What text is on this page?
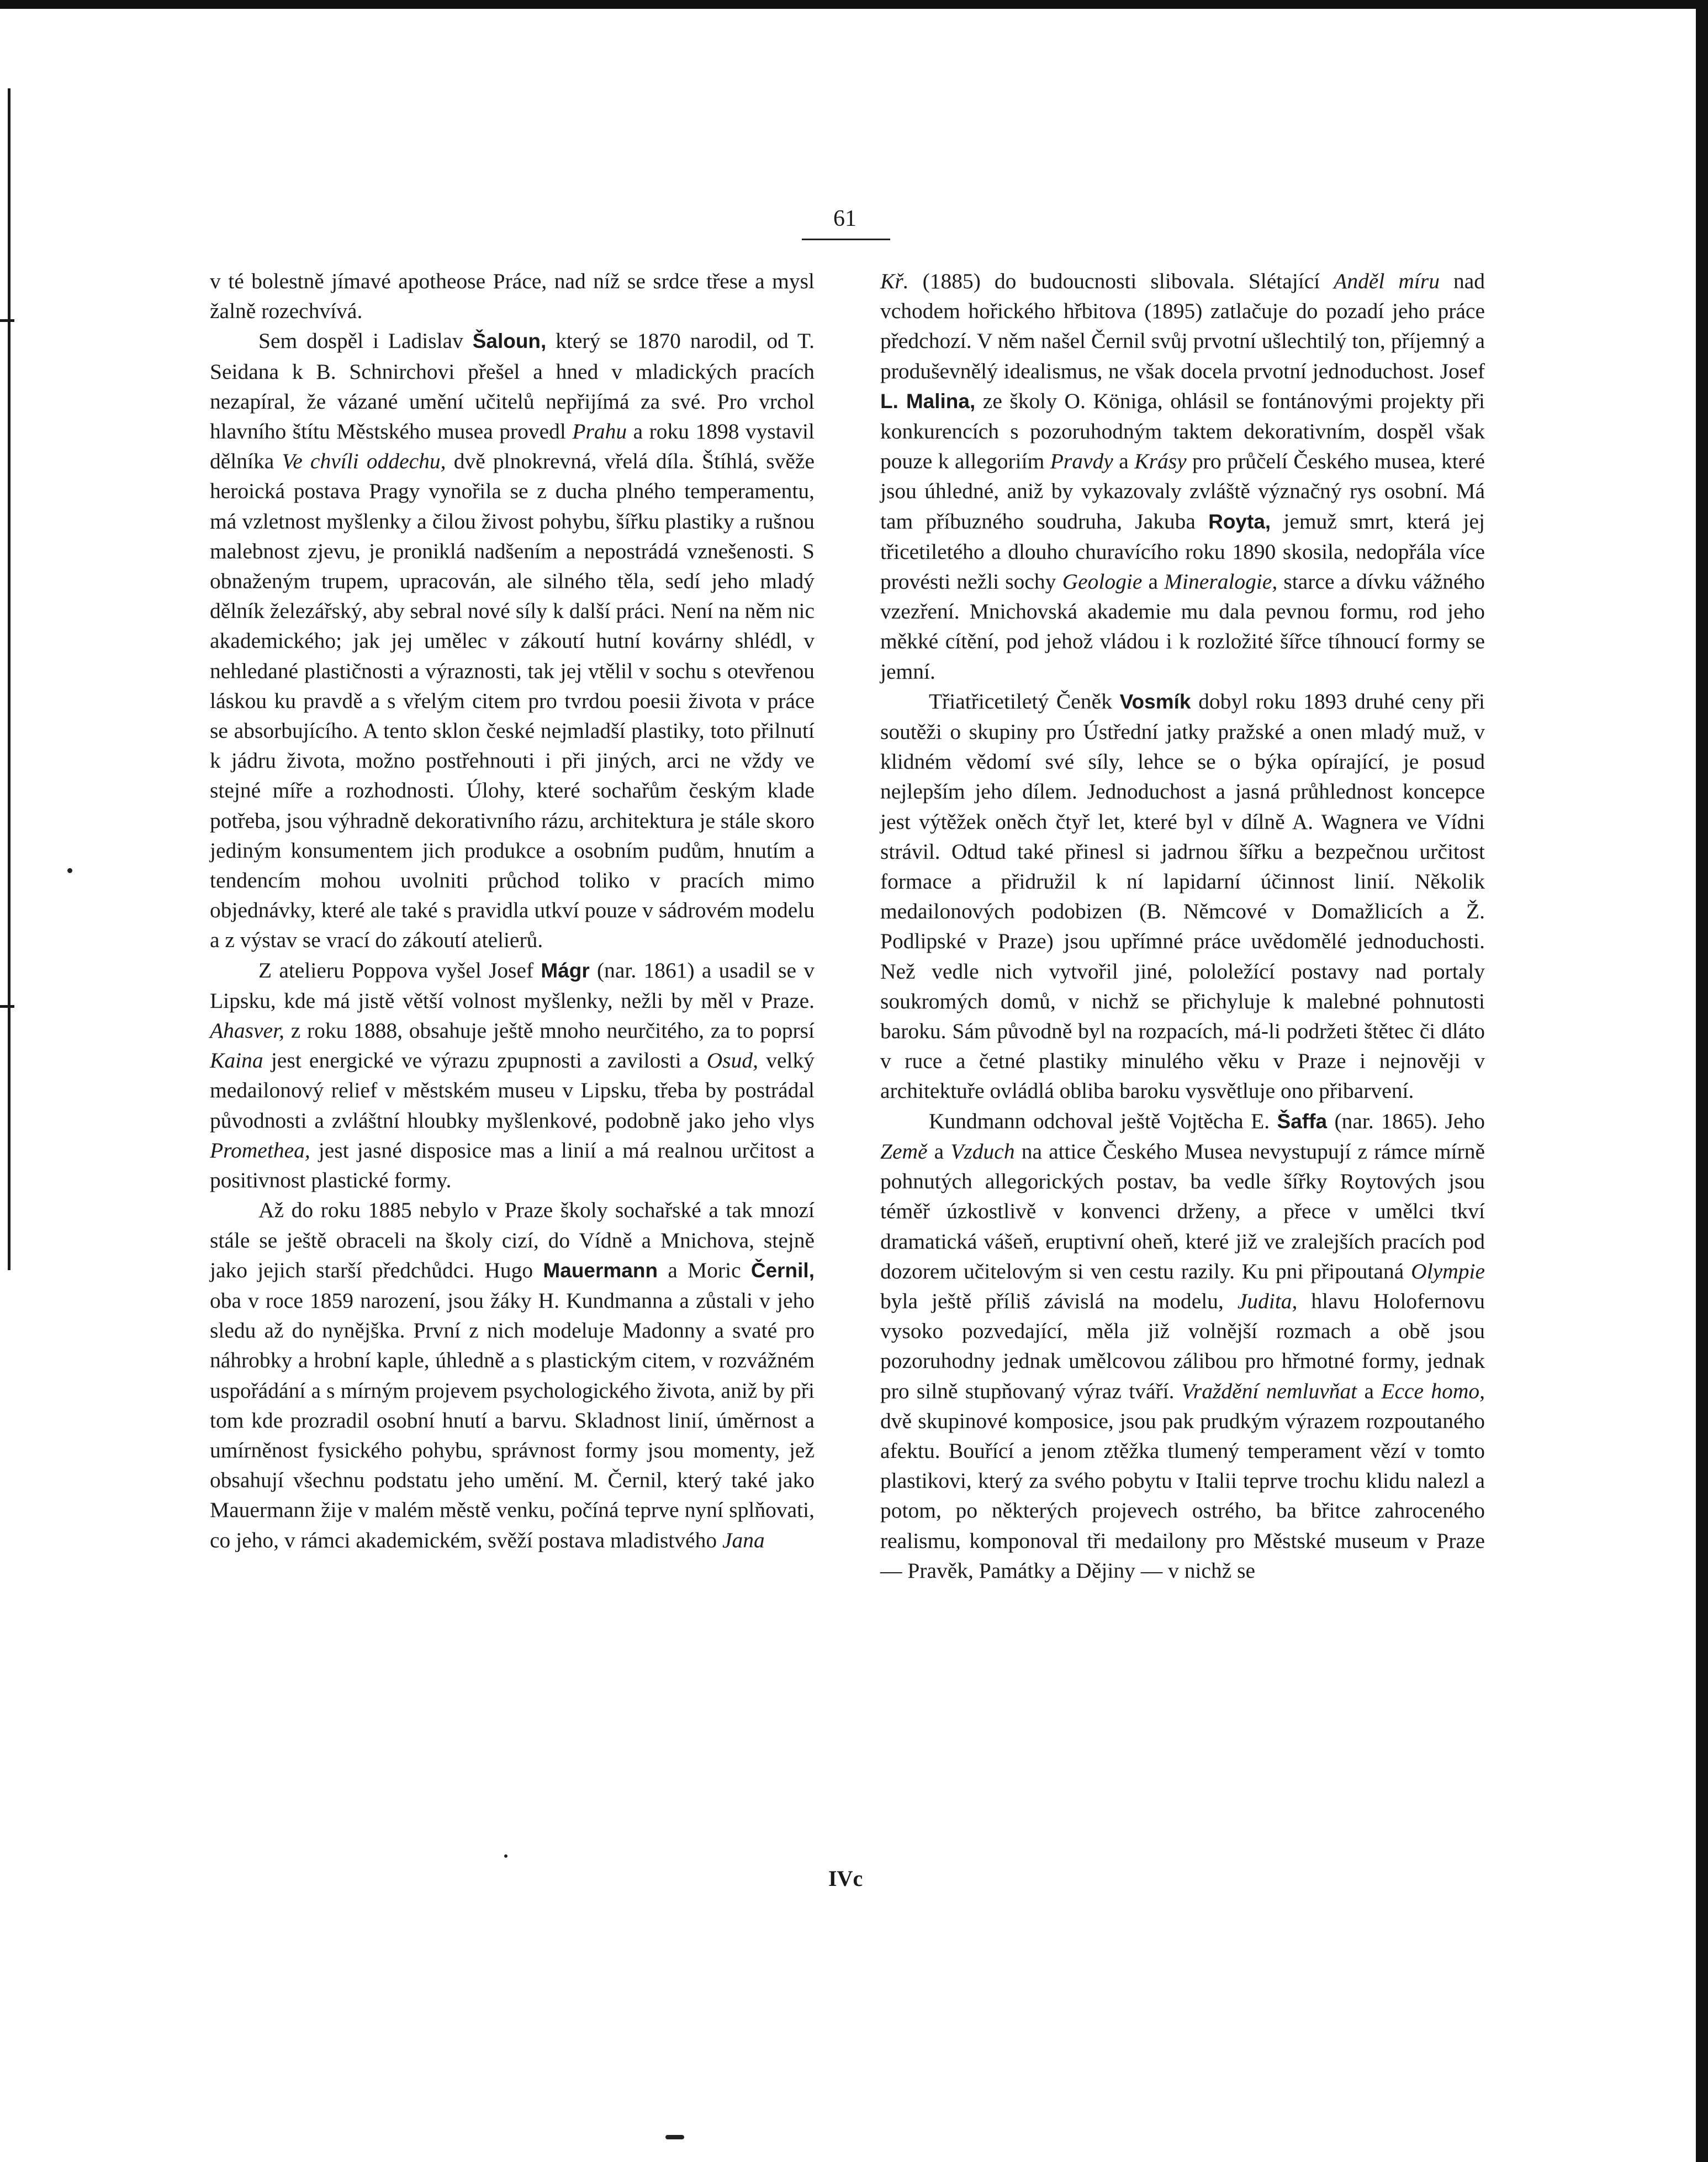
61

v té bolestně jímavé apotheose Práce, nad níž se srdce třese a mysl žalně rozechvívá.

Sem dospěl i Ladislav Šaloun, který se 1870 narodil, od T. Seidana k B. Schnirchovi přešel a hned v mladických pracích nezapíral, že vázané umění učitelů nepřijímá za své. Pro vrchol hlavního štítu Městského musea provedl Prahu a roku 1898 vystavil dělníka Ve chvíli oddechu, dvě plnokrevná, vřelá díla. Štíhlá, svěže heroická postava Pragy vynořila se z ducha plného temperamentu, má vzletnost myšlenky a čilou živost pohybu, šířku plastiky a rušnou malebnost zjevu, je proniklá nadšením a nepostrádá vznešenosti. S obnaženým trupem, upracován, ale silného těla, sedí jeho mladý dělník železářský, aby sebral nové síly k další práci. Není na něm nic akademického; jak jej umělec v zákoutí hutní kovárny shlédl, v nehledané plastičnosti a výraznosti, tak jej vtělil v sochu s otevřenou láskou ku pravdě a s vřelým citem pro tvrdou poesii života v práce se absorbujícího. A tento sklon české nejmladší plastiky, toto přilnutí k jádru života, možno postřehnouti i při jiných, arci ne vždy ve stejné míře a rozhodnosti. Úlohy, které sochařům českým klade potřeba, jsou výhradně dekorativního rázu, architektura je stále skoro jediným konsumentem jich produkce a osobním pudům, hnutím a tendencím mohou uvolniti průchod toliko v pracích mimo objednávky, které ale také s pravidla utkví pouze v sádrovém modelu a z výstav se vrací do zákoutí atelierů.

Z atelieru Poppova vyšel Josef Mágr (nar. 1861) a usadil se v Lipsku, kde má jistě větší volnost myšlenky, nežli by měl v Praze. Ahasver, z roku 1888, obsahuje ještě mnoho neurčitého, za to poprsí Kaina jest energické ve výrazu zpupnosti a zavilosti a Osud, velký medailonový relief v městském museu v Lipsku, třeba by postrádal původnosti a zvláštní hloubky myšlenkové, podobně jako jeho vlys Promethea, jest jasné disposice mas a linií a má realnou určitost a positivnost plastické formy.

Až do roku 1885 nebylo v Praze školy sochařské a tak mnozí stále se ještě obraceli na školy cizí, do Vídně a Mnichova, stejně jako jejich starší předchůdci. Hugo Mauermann a Moric Černil, oba v roce 1859 narození, jsou žáky H. Kundmanna a zůstali v jeho sledu až do nynějška. První z nich modeluje Madonny a svaté pro náhrobky a hrobní kaple, úhledně a s plastickým citem, v rozvážném uspořádání a s mírným projevem psychologického života, aniž by při tom kde prozradil osobní hnutí a barvu. Skladnost linií, úměrnost a umírněnost fysického pohybu, správnost formy jsou momenty, jež obsahují všechnu podstatu jeho umění. M. Černil, který také jako Mauermann žije v malém městě venku, počíná teprve nyní splňovati, co jeho, v rámci akademickém, svěží postava mladistvého Jana

Kř. (1885) do budoucnosti slibovala. Slétající Anděl míru nad vchodem hořického hřbitova (1895) zatlačuje do pozadí jeho práce předchozí. V něm našel Černil svůj prvotní ušlechtilý ton, příjemný a produševnělý idealismus, ne však docela prvotní jednoduchost. Josef L. Malina, ze školy O. Königa, ohlásil se fontánovými projekty při konkurencích s pozoruhodným taktem dekorativním, dospěl však pouze k allegoriím Pravdy a Krásy pro průčelí Českého musea, které jsou úhledné, aniž by vykazovaly zvláště význačný rys osobní. Má tam příbuzného soudruha, Jakuba Royta, jemuž smrt, která jej třicetiletého a dlouho churavícího roku 1890 skosila, nedopřála více provésti nežli sochy Geologie a Mineralogie, starce a dívku vážného vzezření. Mnichovská akademie mu dala pevnou formu, rod jeho měkké cítění, pod jehož vládou i k rozložité šířce tíhnoucí formy se jemní.

Třiatřicetiletý Čeněk Vosmík dobyl roku 1893 druhé ceny při soutěži o skupiny pro Ústřední jatky pražské a onen mladý muž, v klidném vědomí své síly, lehce se o býka opírající, je posud nejlepším jeho dílem. Jednoduchost a jasná průhlednost koncepce jest výtěžek oněch čtyř let, které byl v dílně A. Wagnera ve Vídni strávil. Odtud také přinesl si jadrnou šířku a bezpečnou určitost formace a přidružil k ní lapidarní účinnost linií. Několik medailonových podobizen (B. Němcové v Domažlicích a Ž. Podlipské v Praze) jsou upřímné práce uvědomělé jednoduchosti. Než vedle nich vytvořil jiné, pololežící postavy nad portaly soukromých domů, v nichž se přichyluje k malebné pohnutosti baroku. Sám původně byl na rozpacích, má-li podržeti štětec či dláto v ruce a četné plastiky minulého věku v Praze i nejnověji v architektuře ovládlá obliba baroku vysvětluje ono přibarvení.

Kundmann odchoval ještě Vojtěcha E. Šaffa (nar. 1865). Jeho Země a Vzduch na attice Českého Musea nevystupují z rámce mírně pohnutých allegorických postav, ba vedle šířky Roytových jsou téměř úzkostlivě v konvenci drženy, a přece v umělci tkví dramatická vášeň, eruptivní oheň, které již ve zralejších pracích pod dozorem učitelovým si ven cestu razily. Ku pni připoutaná Olympie byla ještě příliš závislá na modelu, Judita, hlavu Holofernovu vysoko pozvedající, měla již volnější rozmach a obě jsou pozoruhodny jednak umělcovou zálibou pro hřmotné formy, jednak pro silně stupňovaný výraz tváří. Vraždění nemluvňat a Ecce homo, dvě skupinové komposice, jsou pak prudkým výrazem rozpoutaného afektu. Bouřící a jenom ztěžka tlumený temperament vězí v tomto plastikovi, který za svého pobytu v Italii teprve trochu klidu nalezl a potom, po některých projevech ostrého, ba břitce zahroceného realismu, komponoval tři medailony pro Městské museum v Praze — Pravěk, Památky a Dějiny — v nichž se

IVc
